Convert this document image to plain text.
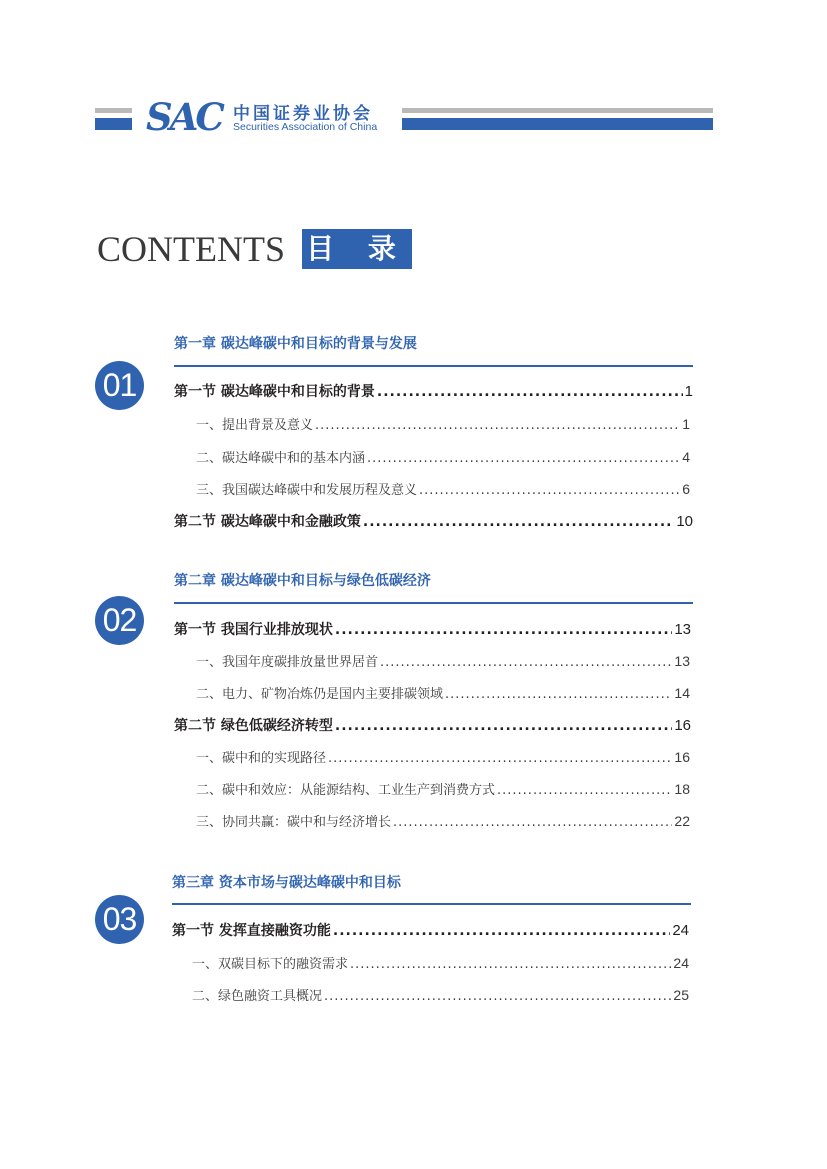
SAC 中国证券业协会
Securities Association of China
CONTENTS 目 录
第一章 碳达峰碳中和目标的背景与发展
01	第一节 碳达峰碳中和目标的背景 .....	1
一、提出背景及意义 .....	1
二、碳达峰碳中和的基本内涵 .....	4
三、我国碳达峰碳中和发展历程及意义 .....	6
第二节 碳达峰碳中和金融政策 .....	10
第二章 碳达峰碳中和目标与绿色低碳经济
02	第一节 我国行业排放现状 .....	13
一、我国年度碳排放量世界居首 .....	13
二、电力、矿物冶炼仍是国内主要排碳领域 .....	14
第二节 绿色低碳经济转型 .....	16
一、碳中和的实现路径 .....	16
二、碳中和效应：从能源结构、工业生产到消费方式 .....	18
三、协同共赢：碳中和与经济增长 .....	22
第三章 资本市场与碳达峰碳中和目标
03	第一节 发挥直接融资功能 .....	24
一、双碳目标下的融资需求 .....	24
二、绿色融资工具概况 .....	25
